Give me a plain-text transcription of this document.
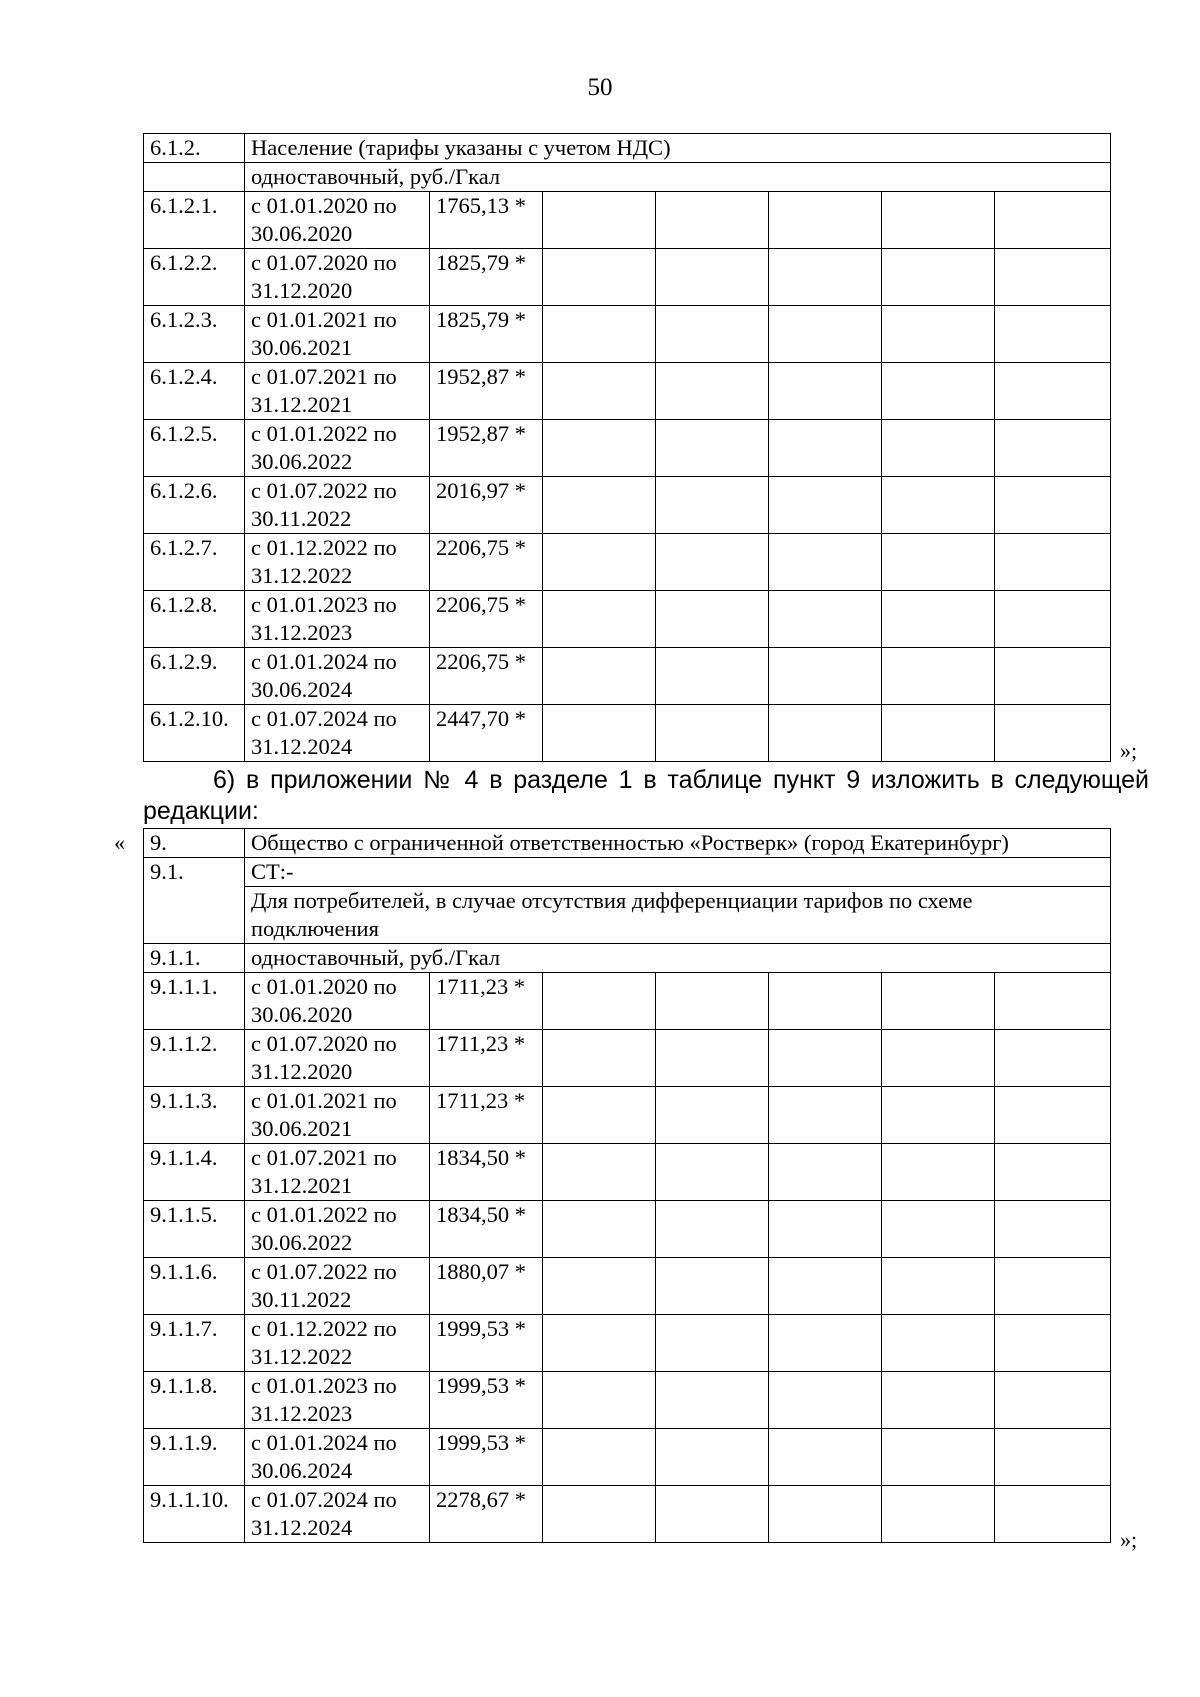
50
6.1.2.	Население (тарифы указаны с учетом НДС)						
	одноставочный, руб./Гкал						
6.1.2.1.	с 01.01.2020 по 30.06.2020	1765,13 *					
6.1.2.2.	с 01.07.2020 по 31.12.2020	1825,79 *					
6.1.2.3.	с 01.01.2021 по 30.06.2021	1825,79 *					
6.1.2.4.	с 01.07.2021 по 31.12.2021	1952,87 *					
6.1.2.5.	с 01.01.2022 по 30.06.2022	1952,87 *					
6.1.2.6.	с 01.07.2022 по 30.11.2022	2016,97 *					
6.1.2.7.	с 01.12.2022 по 31.12.2022	2206,75 *					
6.1.2.8.	с 01.01.2023 по 31.12.2023	2206,75 *					
6.1.2.9.	с 01.01.2024 по 30.06.2024	2206,75 *					
6.1.2.10.	с 01.07.2024 по 31.12.2024	2447,70 *					
»;
6) в приложении № 4 в разделе 1 в таблице пункт 9 изложить в следующей
редакции:
« 9.	Общество с ограниченной ответственностью «Ростверк» (город Екатеринбург)						
9.1.	СТ:-						
	Для потребителей, в случае отсутствия дифференциации тарифов по схеме подключения						
9.1.1.	одноставочный, руб./Гкал						
9.1.1.1.	с 01.01.2020 по 30.06.2020	1711,23 *					
9.1.1.2.	с 01.07.2020 по 31.12.2020	1711,23 *					
9.1.1.3.	с 01.01.2021 по 30.06.2021	1711,23 *					
9.1.1.4.	с 01.07.2021 по 31.12.2021	1834,50 *					
9.1.1.5.	с 01.01.2022 по 30.06.2022	1834,50 *					
9.1.1.6.	с 01.07.2022 по 30.11.2022	1880,07 *					
9.1.1.7.	с 01.12.2022 по 31.12.2022	1999,53 *					
9.1.1.8.	с 01.01.2023 по 31.12.2023	1999,53 *					
9.1.1.9.	с 01.01.2024 по 30.06.2024	1999,53 *					
9.1.1.10.	с 01.07.2024 по 31.12.2024	2278,67 *					
»;
